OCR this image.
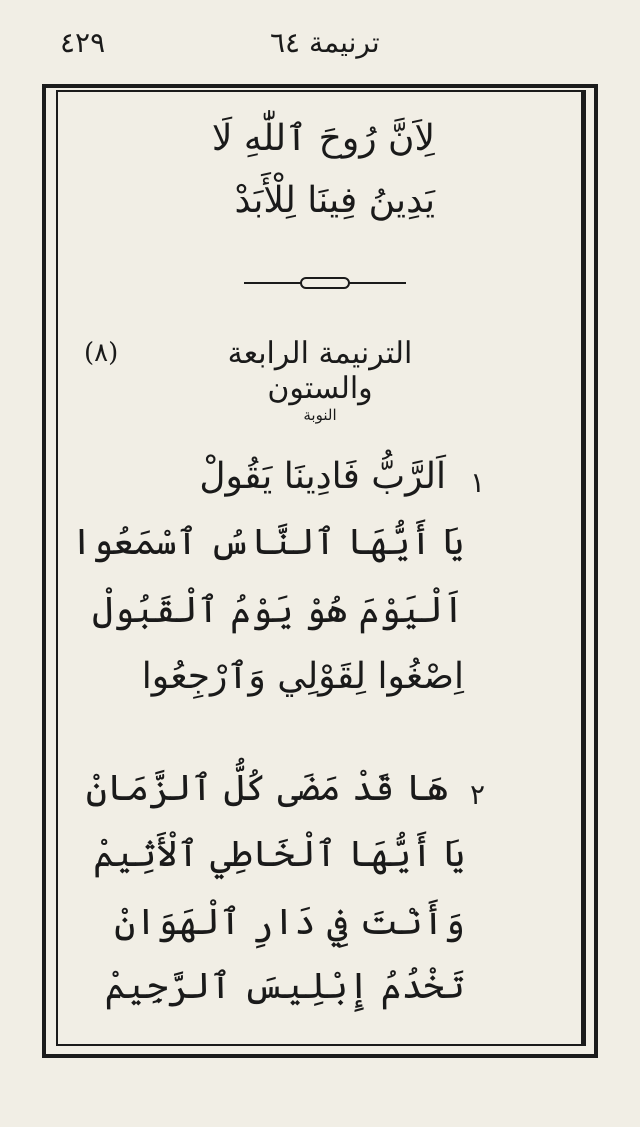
٤٢٩	ترنيمة ٦٤
لِاَنَّ رُوحَ ٱللّٰهِ لَا
يَدِينُ فِينَا لِلْأَبَدْ
الترنيمة الرابعة والستون
(٨)
النوبة
١
اَلرَّبُّ فَادِينَا يَقُولْ
يَا أَيُّهَا ٱلنَّاسُ ٱسْمَعُوا
اَلْيَوْمَ هُوْ يَوْمُ ٱلْقَبُولْ
اِصْغُوا لِقَوْلِي وَٱرْجِعُوا
٢
هَا قَدْ مَضَى كُلُّ ٱلزَّمَانْ
يَا أَيُّهَا ٱلْخَاطِي ٱلْأَثِيمْ
وَأَنْتَ فِي دَارِ ٱلْهَوَانْ
تَخْدُمُ إِبْلِيسَ ٱلرَّجِيمْ
